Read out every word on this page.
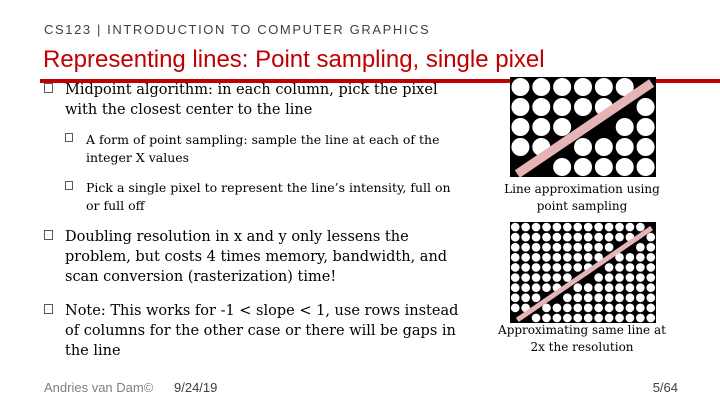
CS123 | INTRODUCTION TO COMPUTER GRAPHICS
Representing lines: Point sampling, single pixel
Midpoint algorithm: in each column, pick the pixel with the closest center to the line
A form of point sampling: sample the line at each of the integer X values
Pick a single pixel to represent the line’s intensity, full on or full off
Doubling resolution in x and y only lessens the problem, but costs 4 times memory, bandwidth, and scan conversion (rasterization) time!
Note: This works for -1 < slope < 1, use rows instead of columns for the other case or there will be gaps in the line
Line approximation using point sampling
Approximating same line at 2x the resolution
Andries van Dam© 9/24/19	5/64
